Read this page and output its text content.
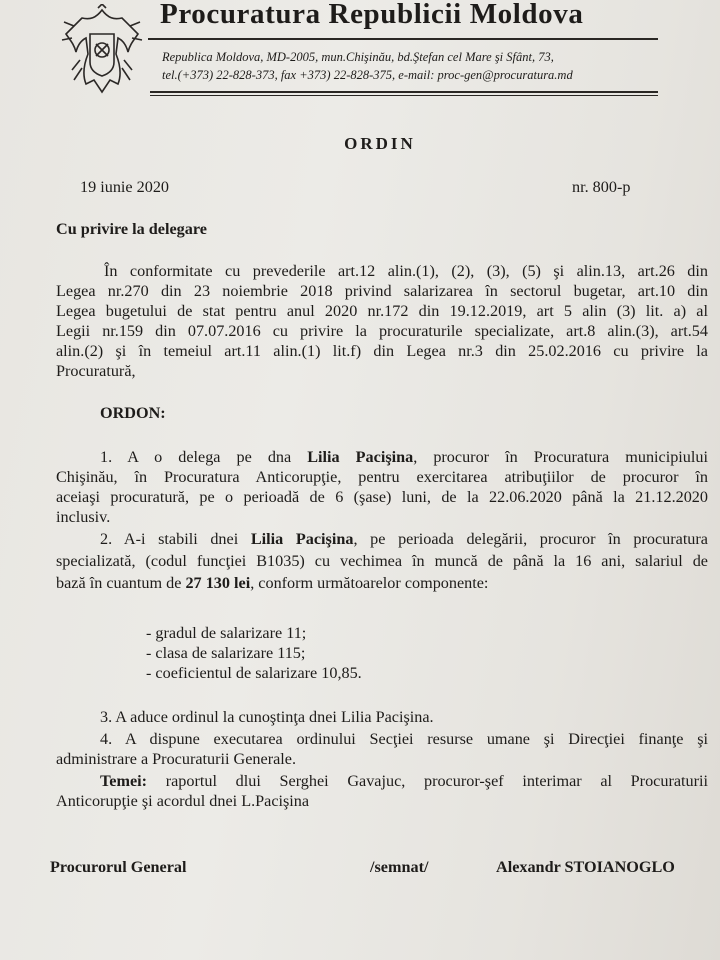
Procuratura Republicii Moldova
Republica Moldova, MD-2005, mun.Chişinău, bd.Ştefan cel Mare şi Sfânt, 73,
tel.(+373) 22-828-373, fax +373) 22-828-375, e-mail: proc-gen@procuratura.md
ORDIN
19 iunie 2020	nr. 800-p
Cu privire la delegare
În conformitate cu prevederile art.12 alin.(1), (2), (3), (5) şi alin.13, art.26 din
Legea nr.270 din 23 noiembrie 2018 privind salarizarea în sectorul bugetar, art.10 din
Legea bugetului de stat pentru anul 2020 nr.172 din 19.12.2019, art 5 alin (3) lit. a) al
Legii nr.159 din 07.07.2016 cu privire la procuraturile specializate, art.8 alin.(3), art.54
alin.(2) şi în temeiul art.11 alin.(1) lit.f) din Legea nr.3 din 25.02.2016 cu privire la
Procuratură,
ORDON:
1. A o delega pe dna Lilia Pacişina, procuror în Procuratura municipiului
Chişinău, în Procuratura Anticorupţie, pentru exercitarea atribuţiilor de procuror în
aceiaşi procuratură, pe o perioadă de 6 (şase) luni, de la 22.06.2020 până la 21.12.2020
inclusiv.
2. A-i stabili dnei Lilia Pacişina, pe perioada delegării, procuror în procuratura
specializată, (codul funcţiei B1035) cu vechimea în muncă de până la 16 ani, salariul de
bază în cuantum de 27 130 lei, conform următoarelor componente:
- gradul de salarizare 11;
- clasa de salarizare 115;
- coeficientul de salarizare 10,85.
3. A aduce ordinul la cunoştinţa dnei Lilia Pacişina.
4. A dispune executarea ordinului Secţiei resurse umane şi Direcţiei finanţe şi
administrare a Procuraturii Generale.
Temei: raportul dlui Serghei Gavajuc, procuror-şef interimar al Procuraturii
Anticorupţie şi acordul dnei L.Pacişina
Procurorul General	/semnat/	Alexandr STOIANOGLO
